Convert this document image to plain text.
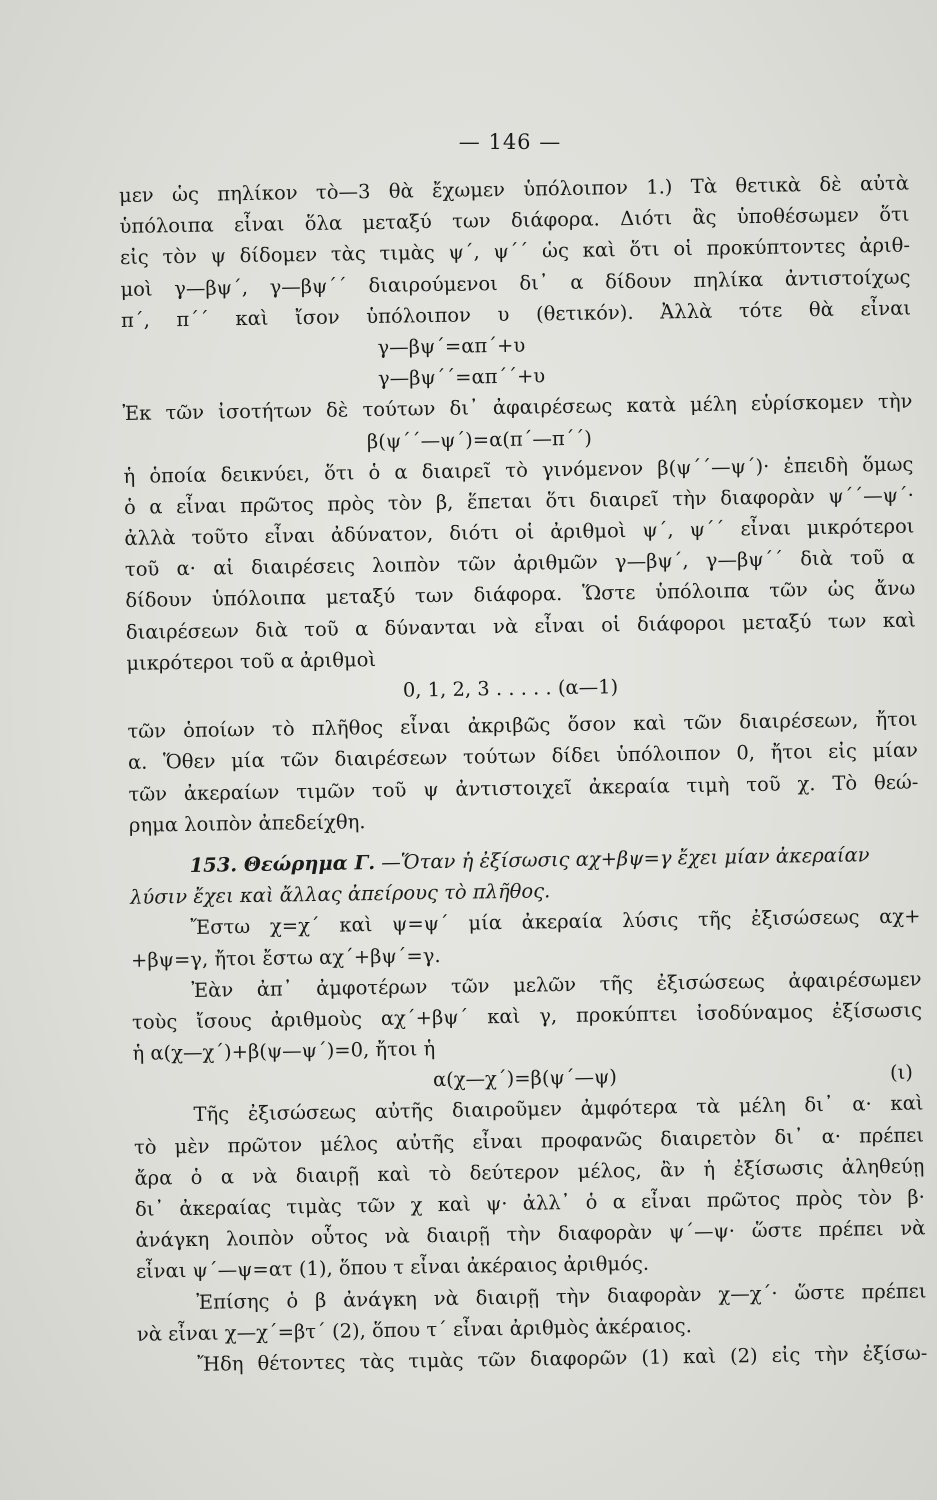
— 146 —
μεν ὡς πηλίκον τὸ—3 θὰ ἔχωμεν ὑπόλοιπον 1.) Τὰ θετικὰ δὲ αὐτὰ
ὑπόλοιπα εἶναι ὅλα μεταξύ των διάφορα. Διότι ἂς ὑποθέσωμεν ὅτι
εἰς τὸν ψ δίδομεν τὰς τιμὰς ψ΄, ψ΄΄ ὡς καὶ ὅτι οἱ προκύπτοντες ἀριθ-
μοὶ γ—βψ΄, γ—βψ΄΄ διαιρούμενοι δι᾽ α δίδουν πηλίκα ἀντιστοίχως
π΄, π΄΄ καὶ ἴσον ὑπόλοιπον υ (θετικόν). Ἀλλὰ τότε θὰ εἶναι
γ—βψ΄=απ΄+υ
γ—βψ΄΄=απ΄΄+υ
Ἐκ τῶν ἰσοτήτων δὲ τούτων δι᾽ ἀφαιρέσεως κατὰ μέλη εὑρίσκομεν τὴν
β(ψ΄΄—ψ΄)=α(π΄—π΄΄)
ἡ ὁποία δεικνύει, ὅτι ὁ α διαιρεῖ τὸ γινόμενον β(ψ΄΄—ψ΄)· ἐπειδὴ ὅμως
ὁ α εἶναι πρῶτος πρὸς τὸν β, ἕπεται ὅτι διαιρεῖ τὴν διαφορὰν ψ΄΄—ψ΄·
ἀλλὰ τοῦτο εἶναι ἀδύνατον, διότι οἱ ἀριθμοὶ ψ΄, ψ΄΄ εἶναι μικρότεροι
τοῦ α· αἱ διαιρέσεις λοιπὸν τῶν ἀριθμῶν γ—βψ΄, γ—βψ΄΄ διὰ τοῦ α
δίδουν ὑπόλοιπα μεταξύ των διάφορα. Ὥστε ὑπόλοιπα τῶν ὡς ἄνω
διαιρέσεων διὰ τοῦ α δύνανται νὰ εἶναι οἱ διάφοροι μεταξύ των καὶ
μικρότεροι τοῦ α ἀριθμοὶ
0, 1, 2, 3 . . . . . (α—1)
τῶν ὁποίων τὸ πλῆθος εἶναι ἀκριβῶς ὅσον καὶ τῶν διαιρέσεων, ἤτοι
α. Ὅθεν μία τῶν διαιρέσεων τούτων δίδει ὑπόλοιπον 0, ἤτοι εἰς μίαν
τῶν ἀκεραίων τιμῶν τοῦ ψ ἀντιστοιχεῖ ἀκεραία τιμὴ τοῦ χ. Τὸ θεώ-
ρημα λοιπὸν ἀπεδείχθη.
153. Θεώρημα Γ. —Ὅταν ἡ ἐξίσωσις αχ+βψ=γ ἔχει μίαν ἀκεραίαν
λύσιν ἔχει καὶ ἄλλας ἀπείρους τὸ πλῆθος.
Ἔστω χ=χ΄ καὶ ψ=ψ΄ μία ἀκεραία λύσις τῆς ἐξισώσεως αχ+
+βψ=γ, ἤτοι ἔστω αχ΄+βψ΄=γ.
Ἐὰν ἀπ᾽ ἀμφοτέρων τῶν μελῶν τῆς ἐξισώσεως ἀφαιρέσωμεν
τοὺς ἴσους ἀριθμοὺς αχ΄+βψ΄ καὶ γ, προκύπτει ἰσοδύναμος ἐξίσωσις
ἡ α(χ—χ΄)+β(ψ—ψ΄)=0, ἤτοι ἡ
α(χ—χ΄)=β(ψ΄—ψ)	(ι)
Τῆς ἐξισώσεως αὐτῆς διαιροῦμεν ἀμφότερα τὰ μέλη δι᾽ α· καὶ
τὸ μὲν πρῶτον μέλος αὐτῆς εἶναι προφανῶς διαιρετὸν δι᾽ α· πρέπει
ἄρα ὁ α νὰ διαιρῇ καὶ τὸ δεύτερον μέλος, ἂν ἡ ἐξίσωσις ἀληθεύῃ
δι᾽ ἀκεραίας τιμὰς τῶν χ καὶ ψ· ἀλλ᾽ ὁ α εἶναι πρῶτος πρὸς τὸν β·
ἀνάγκη λοιπὸν οὗτος νὰ διαιρῇ τὴν διαφορὰν ψ΄—ψ· ὥστε πρέπει νὰ
εἶναι ψ΄—ψ=ατ (1), ὅπου τ εἶναι ἀκέραιος ἀριθμός.
Ἐπίσης ὁ β ἀνάγκη νὰ διαιρῇ τὴν διαφορὰν χ—χ΄· ὥστε πρέπει
νὰ εἶναι χ—χ΄=βτ΄ (2), ὅπου τ΄ εἶναι ἀριθμὸς ἀκέραιος.
Ἤδη θέτοντες τὰς τιμὰς τῶν διαφορῶν (1) καὶ (2) εἰς τὴν ἐξίσω-
